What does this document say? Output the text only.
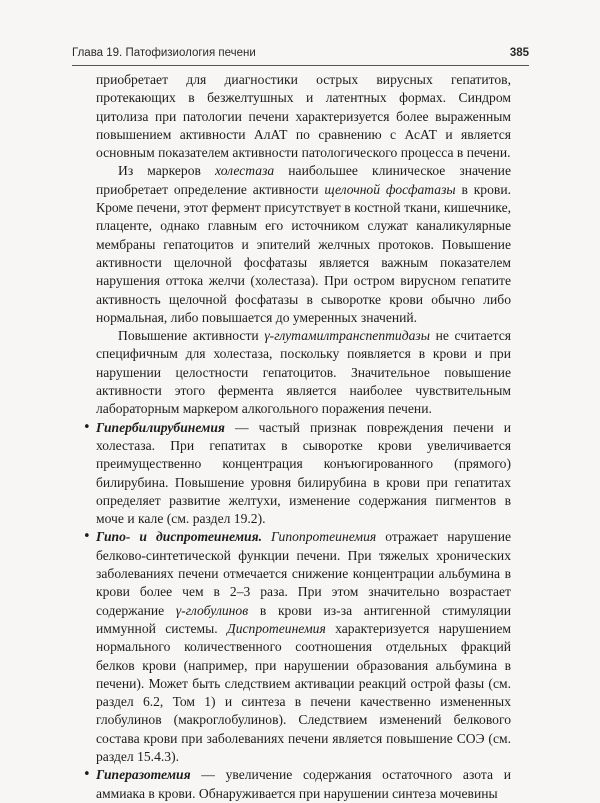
Глава 19. Патофизиология печени	385

приобретает для диагностики острых вирусных гепатитов, протекающих в безжелтушных и латентных формах. Синдром цитолиза при патологии печени характеризуется более выраженным повышением активности АлАТ по сравнению с АсАТ и является основным показателем активности патологического процесса в печени.

Из маркеров холестаза наибольшее клиническое значение приобретает определение активности щелочной фосфатазы в крови. Кроме печени, этот фермент присутствует в костной ткани, кишечнике, плаценте, однако главным его источником служат каналикулярные мембраны гепатоцитов и эпителий желчных протоков. Повышение активности щелочной фосфатазы является важным показателем нарушения оттока желчи (холестаза). При остром вирусном гепатите активность щелочной фосфатазы в сыворотке крови обычно либо нормальная, либо повышается до умеренных значений.

Повышение активности γ-глутамилтранспептидазы не считается специфичным для холестаза, поскольку появляется в крови и при нарушении целостности гепатоцитов. Значительное повышение активности этого фермента является наиболее чувствительным лабораторным маркером алкогольного поражения печени.

• Гипербилирубинемия — частый признак повреждения печени и холестаза. При гепатитах в сыворотке крови увеличивается преимущественно концентрация конъюгированного (прямого) билирубина. Повышение уровня билирубина в крови при гепатитах определяет развитие желтухи, изменение содержания пигментов в моче и кале (см. раздел 19.2).

• Гипо- и диспротеинемия. Гипопротеинемия отражает нарушение белково-синтетической функции печени. При тяжелых хронических заболеваниях печени отмечается снижение концентрации альбумина в крови более чем в 2–3 раза. При этом значительно возрастает содержание γ-глобулинов в крови из-за антигенной стимуляции иммунной системы. Диспротеинемия характеризуется нарушением нормального количественного соотношения отдельных фракций белков крови (например, при нарушении образования альбумина в печени). Может быть следствием активации реакций острой фазы (см. раздел 6.2, Том 1) и синтеза в печени качественно измененных глобулинов (макроглобулинов). Следствием изменений белкового состава крови при заболеваниях печени является повышение СОЭ (см. раздел 15.4.3).

• Гиперазотемия — увеличение содержания остаточного азота и аммиака в крови. Обнаруживается при нарушении синтеза мочевины
